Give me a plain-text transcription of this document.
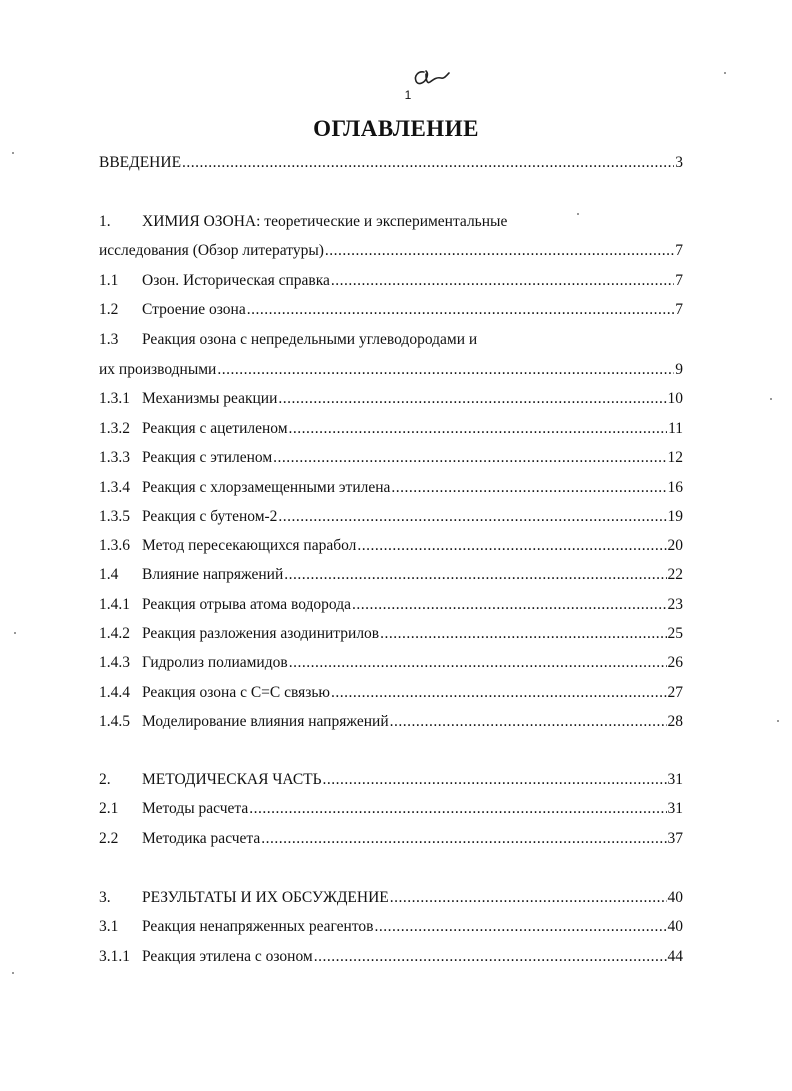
1
ОГЛАВЛЕНИЕ
ВВЕДЕНИЕ .....	3
1. ХИМИЯ ОЗОНА: теоретические и экспериментальные
исследования (Обзор литературы) .....	7
1.1	Озон. Историческая справка .....	7
1.2	Строение озона .....	7
1.3 Реакция озона с непредельными углеводородами и
их производными .....	9
1.3.1 Механизмы реакции .....	10
1.3.2 Реакция с ацетиленом .....	11
1.3.3 Реакция с этиленом .....	12
1.3.4 Реакция с хлорзамещенными этилена .....	16
1.3.5 Реакция с бутеном-2 .....	19
1.3.6 Метод пересекающихся парабол .....	20
1.4	Влияние напряжений .....	22
1.4.1 Реакция отрыва атома водорода .....	23
1.4.2 Реакция разложения азодинитрилов .....	25
1.4.3 Гидролиз полиамидов .....	26
1.4.4 Реакция озона с С=С связью .....	27
1.4.5 Моделирование влияния напряжений .....	28
2.	МЕТОДИЧЕСКАЯ ЧАСТЬ .....	31
2.1	Методы расчета .....	31
2.2	Методика расчета .....	37
3.	РЕЗУЛЬТАТЫ И ИХ ОБСУЖДЕНИЕ .....	40
3.1	Реакция ненапряженных реагентов .....	40
3.1.1 Реакция этилена с озоном .....	44
